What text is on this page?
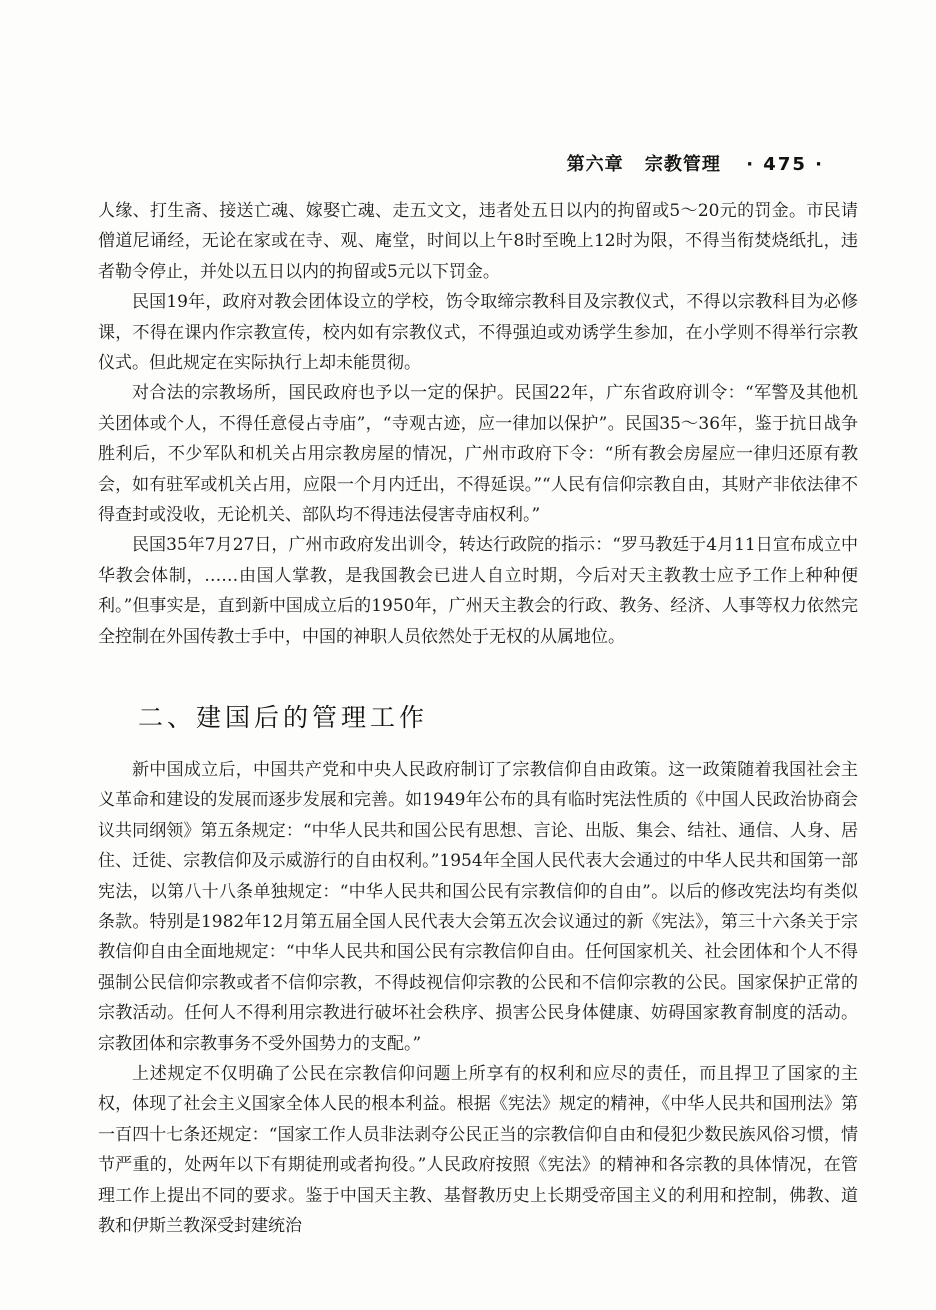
第六章 宗教管理 · 475 ·

人缘、打生斋、接送亡魂、嫁娶亡魂、走五文文，违者处五日以内的拘留或5～20元的罚金。市民请僧道尼诵经，无论在家或在寺、观、庵堂，时间以上午8时至晚上12时为限，不得当衔焚烧纸扎，违者勒令停止，并处以五日以内的拘留或5元以下罚金。

民国19年，政府对教会团体设立的学校，饬令取缔宗教科目及宗教仪式，不得以宗教科目为必修课，不得在课内作宗教宣传，校内如有宗教仪式，不得强迫或劝诱学生参加，在小学则不得举行宗教仪式。但此规定在实际执行上却未能贯彻。

对合法的宗教场所，国民政府也予以一定的保护。民国22年，广东省政府训令：“军警及其他机关团体或个人，不得任意侵占寺庙”，“寺观古迹，应一律加以保护”。民国35～36年，鉴于抗日战争胜利后，不少军队和机关占用宗教房屋的情况，广州市政府下令：“所有教会房屋应一律归还原有教会，如有驻军或机关占用，应限一个月内迁出，不得延误。”“人民有信仰宗教自由，其财产非依法律不得查封或没收，无论机关、部队均不得违法侵害寺庙权利。”

民国35年7月27日，广州市政府发出训令，转达行政院的指示：“罗马教廷于4月11日宣布成立中华教会体制，……由国人掌教，是我国教会已进人自立时期，今后对天主教教士应予工作上种种便利。”但事实是，直到新中国成立后的1950年，广州天主教会的行政、教务、经济、人事等权力依然完全控制在外国传教士手中，中国的神职人员依然处于无权的从属地位。

二、建国后的管理工作

新中国成立后，中国共产党和中央人民政府制订了宗教信仰自由政策。这一政策随着我国社会主义革命和建设的发展而逐步发展和完善。如1949年公布的具有临时宪法性质的《中国人民政治协商会议共同纲领》第五条规定：“中华人民共和国公民有思想、言论、出版、集会、结社、通信、人身、居住、迁徙、宗教信仰及示威游行的自由权利。”1954年全国人民代表大会通过的中华人民共和国第一部宪法，以第八十八条单独规定：“中华人民共和国公民有宗教信仰的自由”。以后的修改宪法均有类似条款。特别是1982年12月第五届全国人民代表大会第五次会议通过的新《宪法》，第三十六条关于宗教信仰自由全面地规定：“中华人民共和国公民有宗教信仰自由。任何国家机关、社会团体和个人不得强制公民信仰宗教或者不信仰宗教，不得歧视信仰宗教的公民和不信仰宗教的公民。国家保护正常的宗教活动。任何人不得利用宗教进行破坏社会秩序、损害公民身体健康、妨碍国家教育制度的活动。宗教团体和宗教事务不受外国势力的支配。”

上述规定不仅明确了公民在宗教信仰问题上所享有的权利和应尽的责任，而且捍卫了国家的主权，体现了社会主义国家全体人民的根本利益。根据《宪法》规定的精神，《中华人民共和国刑法》第一百四十七条还规定：“国家工作人员非法剥夺公民正当的宗教信仰自由和侵犯少数民族风俗习惯，情节严重的，处两年以下有期徒刑或者拘役。”人民政府按照《宪法》的精神和各宗教的具体情况，在管理工作上提出不同的要求。鉴于中国天主教、基督教历史上长期受帝国主义的利用和控制，佛教、道教和伊斯兰教深受封建统治
